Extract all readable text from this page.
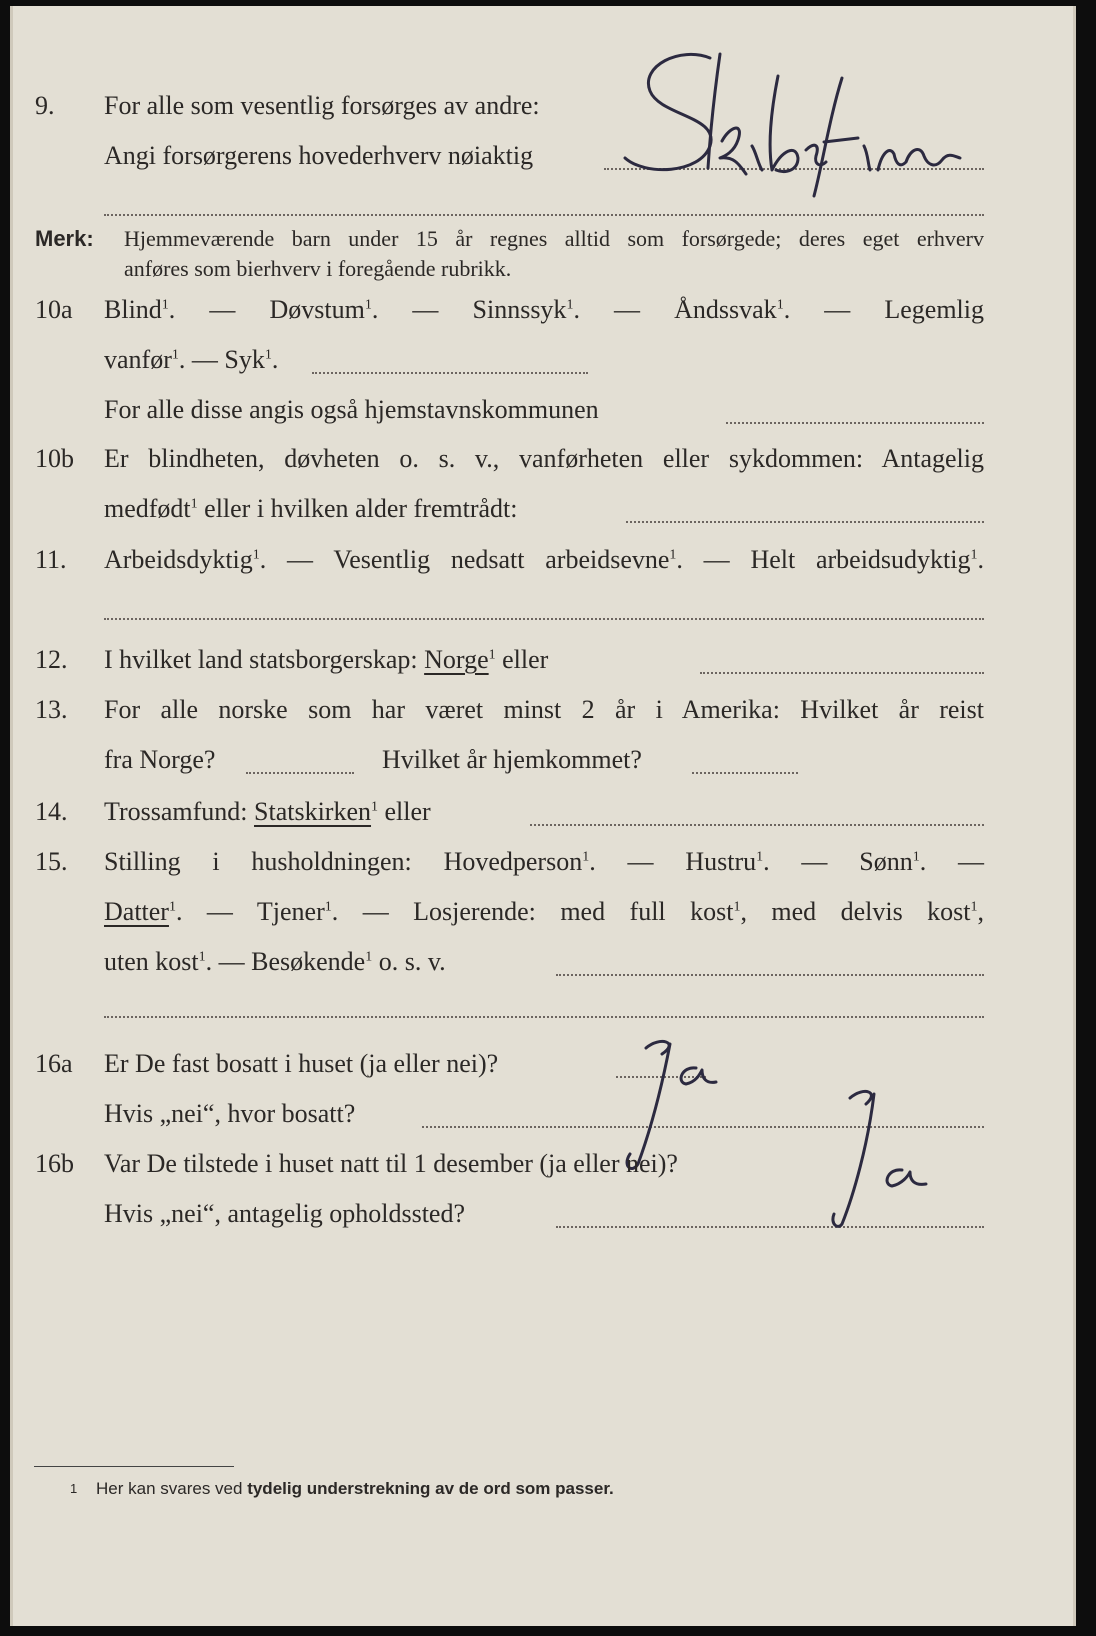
9. For alle som vesentlig forsørges av andre:
Angi forsørgerens hovederhverv nøiaktig
Skibsfiner
Merk: Hjemmeværende barn under 15 år regnes alltid som forsørgede; deres eget erhverv
anføres som bierhverv i foregående rubrikk.
10a Blind$^1$. — Døvstum$^1$. — Sinnssyk$^1$. — Åndssvak$^1$. — Legemlig
vanfør$^1$. — Syk$^1$.
For alle disse angis også hjemstavnskommunen
10b Er blindheten, døvheten o. s. v., vanførheten eller sykdommen: Antagelig
medfødt$^1$ eller i hvilken alder fremtrådt:
11. Arbeidsdyktig$^1$. — Vesentlig nedsatt arbeidsevne$^1$. — Helt arbeidsudyktig$^1$.
12. I hvilket land statsborgerskap: Norge$^1$ eller
13. For alle norske som har været minst 2 år i Amerika: Hvilket år reist
fra Norge?	Hvilket år hjemkommet?
14. Trossamfund: Statskirken$^1$ eller
15. Stilling i husholdningen: Hovedperson$^1$. — Hustru$^1$. — Sønn$^1$. —
Datter $^1$. — Tjener$^1$. — Losjerende: med full kost$^1$, med delvis kost$^1$,
uten kost$^1$. — Besøkende$^1$ o. s. v.
16a Er De fast bosatt i huset (ja eller nei)?
Hvis „nei“, hvor bosatt?
Ja
16b Var De tilstede i huset natt til 1 desember (ja eller nei)?
Hvis „nei“, antagelig opholdssted?
Ja
1 Her kan svares ved tydelig understrekning av de ord som passer.
